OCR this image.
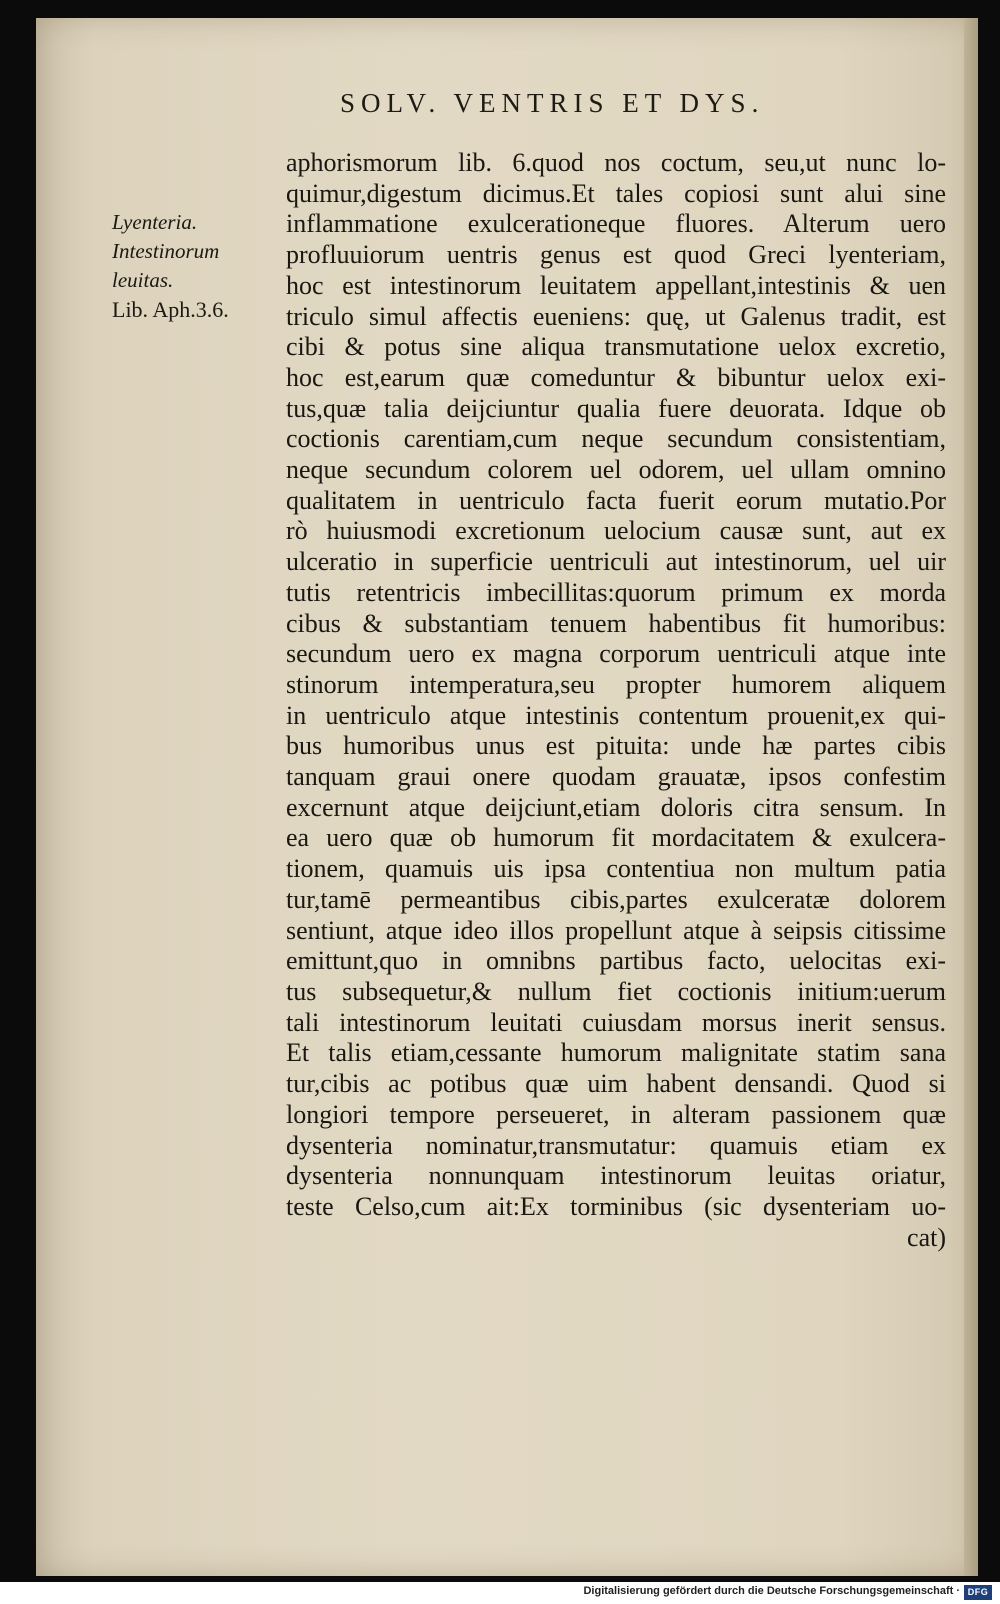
SOLV. VENTRIS ET DYS.
Lyenteria.
Intestinorum
leuitas.
Lib. Aph.3.6.
aphorismorum lib. 6.quod nos coctum, seu,ut nunc lo-
quimur,digestum dicimus.Et tales copiosi sunt alui sine
inflammatione exulcerationeque fluores. Alterum uero
profluuiorum uentris genus est quod Greci lyenteriam,
hoc est intestinorum leuitatem appellant,intestinis & uen
triculo simul affectis eueniens: quę, ut Galenus tradit, est
cibi & potus sine aliqua transmutatione uelox excretio,
hoc est,earum quæ comeduntur & bibuntur uelox exi-
tus,quæ talia deijciuntur qualia fuere deuorata. Idque ob
coctionis carentiam,cum neque secundum consistentiam,
neque secundum colorem uel odorem, uel ullam omnino
qualitatem in uentriculo facta fuerit eorum mutatio.Por
rò huiusmodi excretionum uelocium causæ sunt, aut ex
ulceratio in superficie uentriculi aut intestinorum, uel uir
tutis retentricis imbecillitas:quorum primum ex morda
cibus & substantiam tenuem habentibus fit humoribus:
secundum uero ex magna corporum uentriculi atque inte
stinorum intemperatura,seu propter humorem aliquem
in uentriculo atque intestinis contentum prouenit,ex qui-
bus humoribus unus est pituita: unde hæ partes cibis
tanquam graui onere quodam grauatæ, ipsos confestim
excernunt atque deijciunt,etiam doloris citra sensum. In
ea uero quæ ob humorum fit mordacitatem & exulcera-
tionem, quamuis uis ipsa contentiua non multum patia
tur,tamē permeantibus cibis,partes exulceratæ dolorem
sentiunt, atque ideo illos propellunt atque à seipsis citissime
emittunt,quo in omnibns partibus facto, uelocitas exi-
tus subsequetur,& nullum fiet coctionis initium:uerum
tali intestinorum leuitati cuiusdam morsus inerit sensus.
Et talis etiam,cessante humorum malignitate statim sana
tur,cibis ac potibus quæ uim habent densandi. Quod si
longiori tempore perseueret, in alteram passionem quæ
dysenteria nominatur,transmutatur: quamuis etiam ex
dysenteria nonnunquam intestinorum leuitas oriatur,
teste Celso,cum ait:Ex torminibus (sic dysenteriam uo-
cat)
Digitalisierung gefördert durch die Deutsche Forschungsgemeinschaft · DFG
